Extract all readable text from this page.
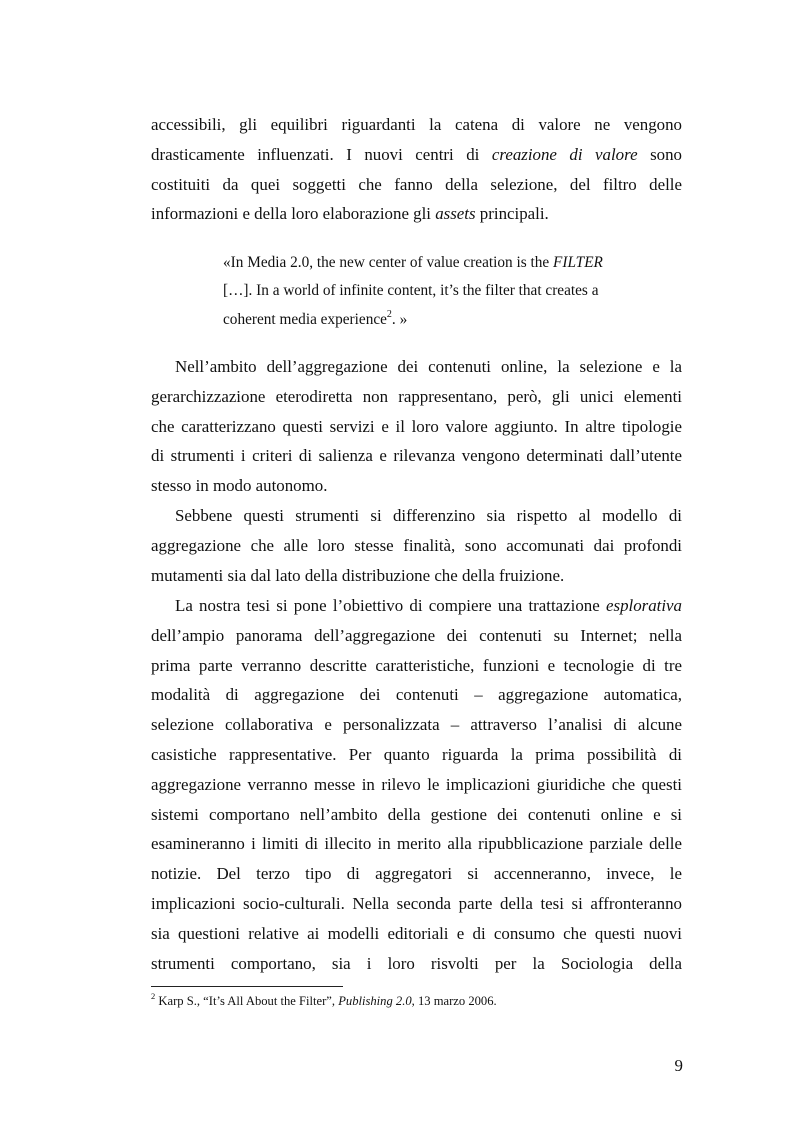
accessibili, gli equilibri riguardanti la catena di valore ne vengono

drasticamente influenzati. I nuovi centri di creazione di valore sono

costituiti da quei soggetti che fanno della selezione, del filtro delle

informazioni e della loro elaborazione gli assets principali.

«In Media 2.0, the new center of value creation is the FILTER

[…]. In a world of infinite content, it’s the filter that creates a

coherent media experience$^2$. »

Nell’ambito dell’aggregazione dei contenuti online, la selezione e la

gerarchizzazione eterodiretta non rappresentano, però, gli unici elementi

che caratterizzano questi servizi e il loro valore aggiunto. In altre tipologie

di strumenti i criteri di salienza e rilevanza vengono determinati dall’utente

stesso in modo autonomo.

Sebbene questi strumenti si differenzino sia rispetto al modello di

aggregazione che alle loro stesse finalità, sono accomunati dai profondi

mutamenti sia dal lato della distribuzione che della fruizione.

La nostra tesi si pone l’obiettivo di compiere una trattazione esplorativa

dell’ampio panorama dell’aggregazione dei contenuti su Internet; nella

prima parte verranno descritte caratteristiche, funzioni e tecnologie di tre

modalità di aggregazione dei contenuti – aggregazione automatica,

selezione collaborativa e personalizzata – attraverso l’analisi di alcune

casistiche rappresentative. Per quanto riguarda la prima possibilità di

aggregazione verranno messe in rilevo le implicazioni giuridiche che questi

sistemi comportano nell’ambito della gestione dei contenuti online e si

esamineranno i limiti di illecito in merito alla ripubblicazione parziale delle

notizie. Del terzo tipo di aggregatori si accenneranno, invece, le

implicazioni socio-culturali. Nella seconda parte della tesi si affronteranno

sia questioni relative ai modelli editoriali e di consumo che questi nuovi

strumenti comportano, sia i loro risvolti per la Sociologia della

$^2$ Karp S., “It’s All About the Filter”, Publishing 2.0, 13 marzo 2006.
9
